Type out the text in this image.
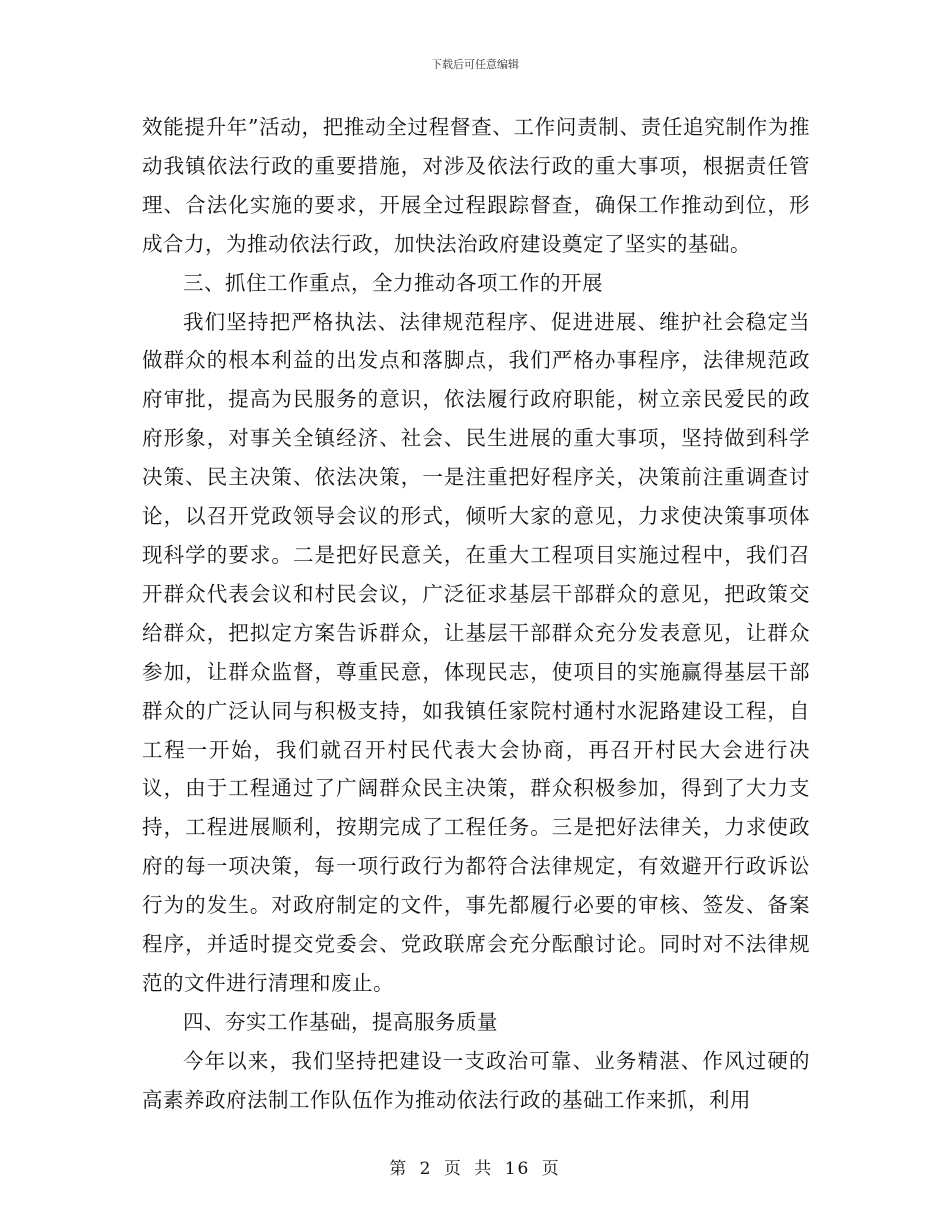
下载后可任意编辑

效能提升年”活动，把推动全过程督查、工作问责制、责任追究制作为推动我镇依法行政的重要措施，对涉及依法行政的重大事项，根据责任管理、合法化实施的要求，开展全过程跟踪督查，确保工作推动到位，形成合力，为推动依法行政，加快法治政府建设奠定了坚实的基础。

三、抓住工作重点，全力推动各项工作的开展

我们坚持把严格执法、法律规范程序、促进进展、维护社会稳定当做群众的根本利益的出发点和落脚点，我们严格办事程序，法律规范政府审批，提高为民服务的意识，依法履行政府职能，树立亲民爱民的政府形象，对事关全镇经济、社会、民生进展的重大事项，坚持做到科学决策、民主决策、依法决策，一是注重把好程序关，决策前注重调查讨论，以召开党政领导会议的形式，倾听大家的意见，力求使决策事项体现科学的要求。二是把好民意关，在重大工程项目实施过程中，我们召开群众代表会议和村民会议，广泛征求基层干部群众的意见，把政策交给群众，把拟定方案告诉群众，让基层干部群众充分发表意见，让群众参加，让群众监督，尊重民意，体现民志，使项目的实施赢得基层干部群众的广泛认同与积极支持，如我镇任家院村通村水泥路建设工程，自工程一开始，我们就召开村民代表大会协商，再召开村民大会进行决议，由于工程通过了广阔群众民主决策，群众积极参加，得到了大力支持，工程进展顺利，按期完成了工程任务。三是把好法律关，力求使政府的每一项决策，每一项行政行为都符合法律规定，有效避开行政诉讼行为的发生。对政府制定的文件，事先都履行必要的审核、签发、备案程序，并适时提交党委会、党政联席会充分酝酿讨论。同时对不法律规范的文件进行清理和废止。

四、夯实工作基础，提高服务质量

今年以来，我们坚持把建设一支政治可靠、业务精湛、作风过硬的高素养政府法制工作队伍作为推动依法行政的基础工作来抓，利用

第 2 页 共 16 页
